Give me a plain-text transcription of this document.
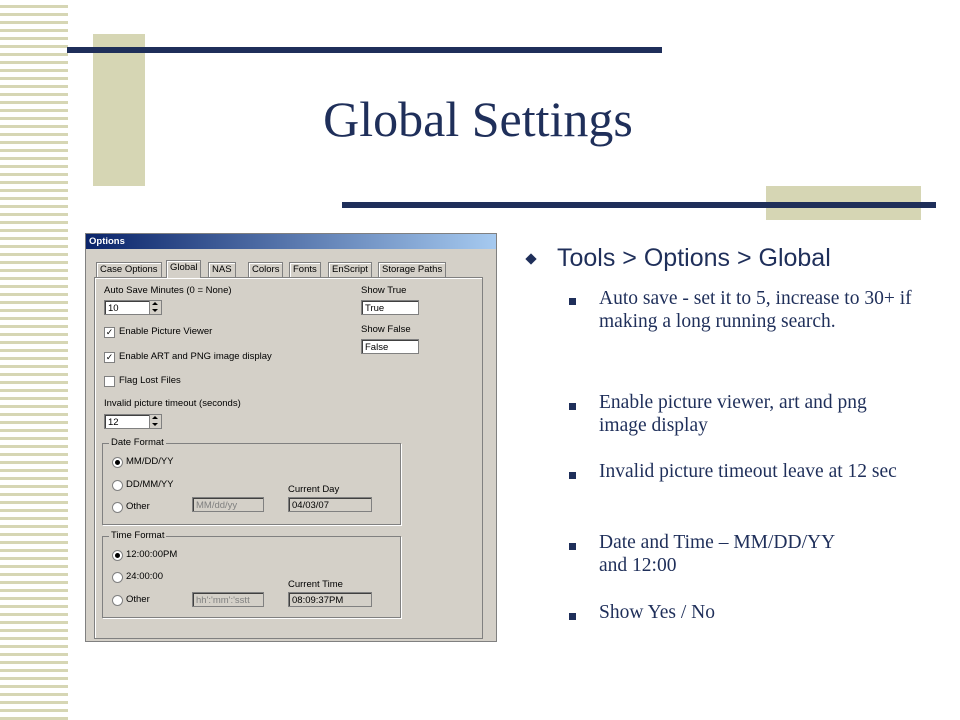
Global Settings
Options
Case Options	Global	NAS	Colors	Fonts	EnScript	Storage Paths
Auto Save Minutes (0 = None)
10
Show True
True
Show False
False
✓ Enable Picture Viewer
✓ Enable ART and PNG image display
Flag Lost Files
Invalid picture timeout (seconds)
12
Date Format
MM/DD/YY
DD/MM/YY
Other	MM/dd/yy
Current Day
04/03/07
Time Format
12:00:00PM
24:00:00
Other	hh':'mm':'sstt
Current Time
08:09:37PM
Tools > Options > Global
Auto save - set it to 5, increase to 30+ if making a long running search.
Enable picture viewer, art and png image display
Invalid picture timeout leave at 12 sec
Date and Time – MM/DD/YY and 12:00
Show Yes / No
